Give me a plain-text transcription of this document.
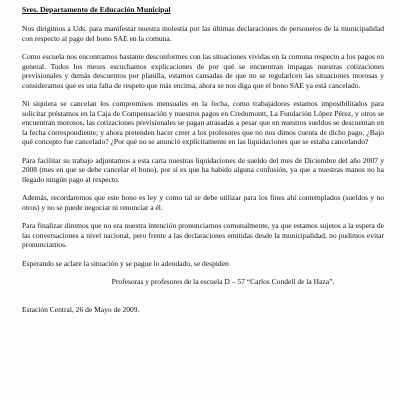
Sres. Departamento de Educación Municipal

Nos dirigimos a Uds. para manifestar nuestra molestia por las últimas declaraciones de personeros de la municipalidad con respecto al pago del bono SAE en la comuna.

Como escuela nos encontramos bastante desconformes con las situaciones vividas en la comuna respecto a los pagos en general. Todos los meses escuchamos explicaciones de por qué se encuentran impagas nuestras cotizaciones previsionales y demás descuentos por planilla, estamos cansadas de que no se regularicen las situaciones morosas y consideramos que es una falta de respeto que más encima, ahora se nos diga que el bono SAE ya está cancelado.

Ni siquiera se cancelan los compromisos mensuales en la fecha, como trabajadores estamos imposibilitados para solicitar préstamos en la Caja de Compensación y nuestros pagos en Credumontt, La Fundación López Pérez, y otros se encuentran morosos, las cotizaciones previsionales se pagan atrasadas a pesar que en nuestros sueldos se descuentan en la fecha correspondiente; y ahora pretenden hacer creer a los profesores que no nos dimos cuenta de dicho pago. ¿Bajo qué concepto fue cancelado? ¿Por qué no se anunció explícitamente en las liquidaciones que se estaba cancelando?

Para facilitar su trabajo adjuntamos a esta carta nuestras liquidaciones de sueldo del mes de Diciembre del año 2007 y 2008 (mes en que se debe cancelar el bono), por si es que ha habido alguna confusión, ya que a nuestras manos no ha llegado ningún pago al respecto.

Además, recordaremos que este bono es ley y como tal se debe utilizar para los fines ahí contemplados (sueldos y no otros) y no se puede negociar ni renunciar a él.

Para finalizar diremos que no era nuestra intención pronunciarnos comunalmente, ya que estamos sujetos a la espera de las conversaciones a nivel nacional, pero frente a las declaraciones emitidas desde la municipalidad, no pudimos evitar pronunciarnos.

Esperando se aclare la situación y se pague lo adeudado, se despiden

Profesoras y profesores de la escuela D – 57 “Carlos Condell de la Haza”.

Estación Central, 26 de Mayo de 2009.
